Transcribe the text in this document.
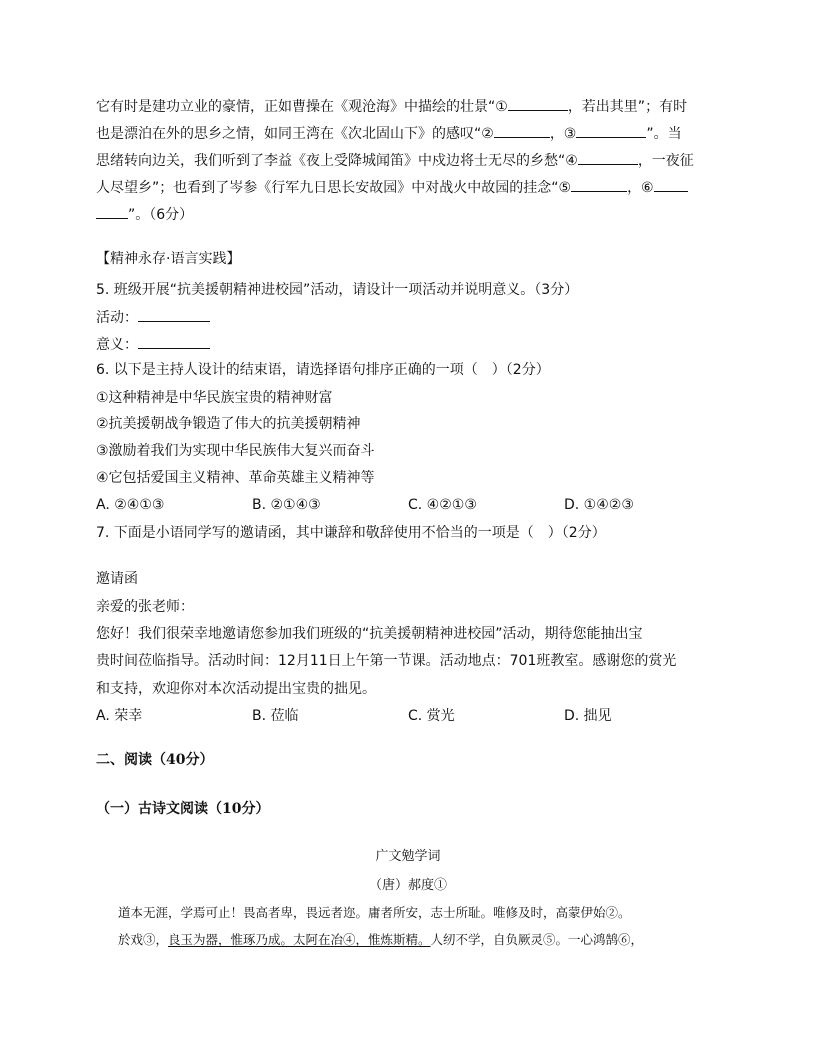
它有时是建功立业的豪情，正如曹操在《观沧海》中描绘的壮景“①	，若出其里”；有时
也是漂泊在外的思乡之情，如同王湾在《次北固山下》的感叹“②	，③	”。当
思绪转向边关，我们听到了李益《夜上受降城闻笛》中戍边将士无尽的乡愁“④	，一夜征
人尽望乡”；也看到了岑参《行军九日思长安故园》中对战火中故园的挂念“⑤	，⑥
”。（6分）
【精神永存·语言实践】
5. 班级开展“抗美援朝精神进校园”活动，请设计一项活动并说明意义。（3分）
活动：
意义：
6. 以下是主持人设计的结束语，请选择语句排序正确的一项（　）（2分）
①这种精神是中华民族宝贵的精神财富
②抗美援朝战争锻造了伟大的抗美援朝精神
③激励着我们为实现中华民族伟大复兴而奋斗
④它包括爱国主义精神、革命英雄主义精神等
A. ②④①③	B. ②①④③	C. ④②①③	D. ①④②③
7. 下面是小语同学写的邀请函，其中谦辞和敬辞使用不恰当的一项是（　）（2分）
邀请函
亲爱的张老师：
您好！我们很荣幸地邀请您参加我们班级的“抗美援朝精神进校园”活动，期待您能抽出宝
贵时间莅临指导。活动时间：12月11日上午第一节课。活动地点：701班教室。感谢您的赏光
和支持，欢迎你对本次活动提出宝贵的拙见。
A. 荣幸	B. 莅临	C. 赏光	D. 拙见
二、阅读（40分）
（一）古诗文阅读（10分）
广文勉学词
（唐）郝度①
道本无涯，学焉可止！畏高者卑，畏远者迩。庸者所安，志士所耻。唯修及时，高蒙伊始②。
於戏③，良玉为器，惟琢乃成。太阿在冶④，惟炼斯精。人纫不学，自负厥灵⑤。一心鸿鹄⑥，
